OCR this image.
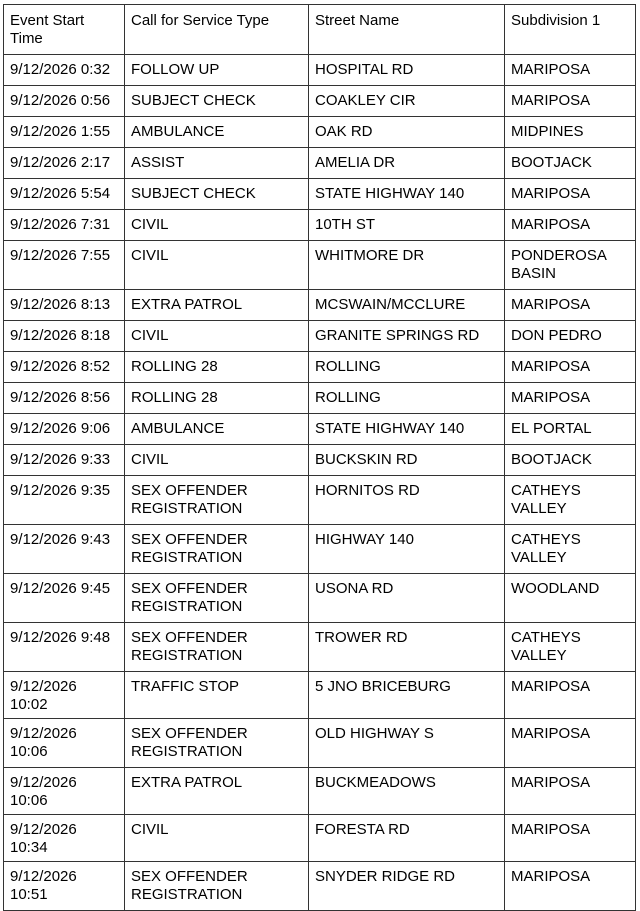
Event Start Time	Call for Service Type	Street Name	Subdivision 1
9/12/2026 0:32	FOLLOW UP	HOSPITAL RD	MARIPOSA
9/12/2026 0:56	SUBJECT CHECK	COAKLEY CIR	MARIPOSA
9/12/2026 1:55	AMBULANCE	OAK RD	MIDPINES
9/12/2026 2:17	ASSIST	AMELIA DR	BOOTJACK
9/12/2026 5:54	SUBJECT CHECK	STATE HIGHWAY 140	MARIPOSA
9/12/2026 7:31	CIVIL	10TH ST	MARIPOSA
9/12/2026 7:55	CIVIL	WHITMORE DR	PONDEROSA BASIN
9/12/2026 8:13	EXTRA PATROL	MCSWAIN/MCCLURE	MARIPOSA
9/12/2026 8:18	CIVIL	GRANITE SPRINGS RD	DON PEDRO
9/12/2026 8:52	ROLLING 28	ROLLING	MARIPOSA
9/12/2026 8:56	ROLLING 28	ROLLING	MARIPOSA
9/12/2026 9:06	AMBULANCE	STATE HIGHWAY 140	EL PORTAL
9/12/2026 9:33	CIVIL	BUCKSKIN RD	BOOTJACK
9/12/2026 9:35	SEX OFFENDER REGISTRATION	HORNITOS RD	CATHEYS VALLEY
9/12/2026 9:43	SEX OFFENDER REGISTRATION	HIGHWAY 140	CATHEYS VALLEY
9/12/2026 9:45	SEX OFFENDER REGISTRATION	USONA RD	WOODLAND
9/12/2026 9:48	SEX OFFENDER REGISTRATION	TROWER RD	CATHEYS VALLEY
9/12/2026 10:02	TRAFFIC STOP	5 JNO BRICEBURG	MARIPOSA
9/12/2026 10:06	SEX OFFENDER REGISTRATION	OLD HIGHWAY S	MARIPOSA
9/12/2026 10:06	EXTRA PATROL	BUCKMEADOWS	MARIPOSA
9/12/2026 10:34	CIVIL	FORESTA RD	MARIPOSA
9/12/2026 10:51	SEX OFFENDER REGISTRATION	SNYDER RIDGE RD	MARIPOSA
